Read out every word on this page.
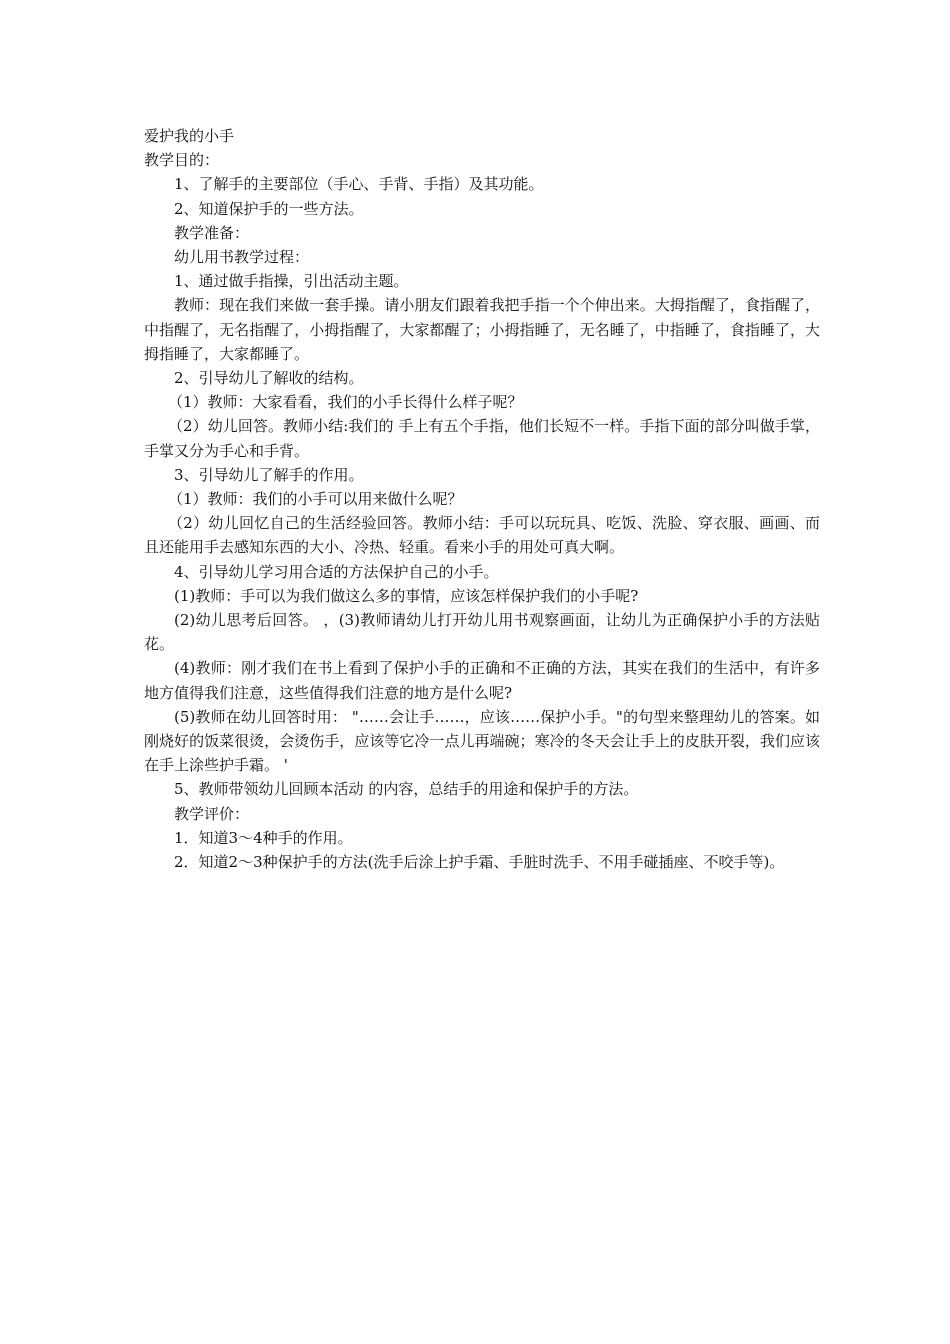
爱护我的小手

教学目的：

1、了解手的主要部位（手心、手背、手指）及其功能。

2、知道保护手的一些方法。

教学准备：

幼儿用书教学过程：

1、通过做手指操，引出活动主题。

教师：现在我们来做一套手操。请小朋友们跟着我把手指一个个伸出来。大拇指醒了，食指醒了，中指醒了，无名指醒了，小拇指醒了，大家都醒了；小拇指睡了，无名睡了，中指睡了，食指睡了，大拇指睡了，大家都睡了。

2、引导幼儿了解收的结构。

（1）教师：大家看看，我们的小手长得什么样子呢？

（2）幼儿回答。教师小结:我们的 手上有五个手指，他们长短不一样。手指下面的部分叫做手掌，手掌又分为手心和手背。

3、引导幼儿了解手的作用。

（1）教师：我们的小手可以用来做什么呢？

（2）幼儿回忆自己的生活经验回答。教师小结：手可以玩玩具、吃饭、洗脸、穿衣服、画画、而且还能用手去感知东西的大小、冷热、轻重。看来小手的用处可真大啊。

4、引导幼儿学习用合适的方法保护自己的小手。

(1)教师：手可以为我们做这么多的事情，应该怎样保护我们的小手呢?

(2)幼儿思考后回答。 ，(3)教师请幼儿打开幼儿用书观察画面，让幼儿为正确保护小手的方法贴花。

(4)教师：刚才我们在书上看到了保护小手的正确和不正确的方法，其实在我们的生活中，有许多地方值得我们注意，这些值得我们注意的地方是什么呢?

(5)教师在幼儿回答时用： "……会让手……，应该……保护小手。"的句型来整理幼儿的答案。如刚烧好的饭菜很烫，会烫伤手，应该等它冷一点儿再端碗；寒冷的冬天会让手上的皮肤开裂，我们应该在手上涂些护手霜。 '

5、教师带领幼儿回顾本活动 的内容，总结手的用途和保护手的方法。

教学评价：

1．知道3～4种手的作用。

2．知道2～3种保护手的方法(洗手后涂上护手霜、手脏时洗手、不用手碰插座、不咬手等)。
